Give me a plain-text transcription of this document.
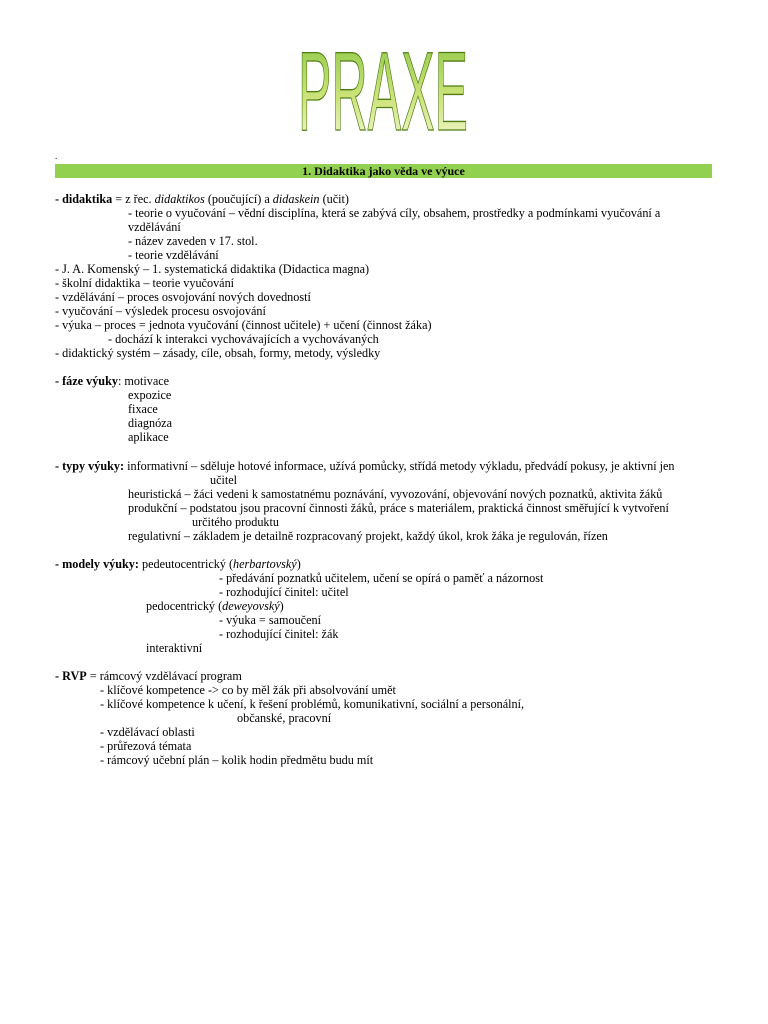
PRAXE
.
1. Didaktika jako věda ve výuce
- didaktika = z řec. didaktikos (poučující) a didaskein (učit)
- teorie o vyučování – vědní disciplína, která se zabývá cíly, obsahem, prostředky a podmínkami vyučování a
vzdělávání
- název zaveden v 17. stol.
- teorie vzdělávání
- J. A. Komenský – 1. systematická didaktika (Didactica magna)
- školní didaktika – teorie vyučování
- vzdělávání – proces osvojování nových dovedností
- vyučování – výsledek procesu osvojování
- výuka – proces = jednota vyučování (činnost učitele) + učení (činnost žáka)
- dochází k interakci vychovávajících a vychovávaných
- didaktický systém – zásady, cíle, obsah, formy, metody, výsledky
- fáze výuky: motivace
expozice
fixace
diagnóza
aplikace
- typy výuky: informativní – sděluje hotové informace, užívá pomůcky, střídá metody výkladu, předvádí pokusy, je aktivní jen
učitel
heuristická – žáci vedeni k samostatnému poznávání, vyvozování, objevování nových poznatků, aktivita žáků
produkční – podstatou jsou pracovní činnosti žáků, práce s materiálem, praktická činnost směřující k vytvoření
určitého produktu
regulativní – základem je detailně rozpracovaný projekt, každý úkol, krok žáka je regulován, řízen
- modely výuky: pedeutocentrický (herbartovský)
- předávání poznatků učitelem, učení se opírá o paměť a názornost
- rozhodující činitel: učitel
pedocentrický (deweyovský)
- výuka = samoučení
- rozhodující činitel: žák
interaktivní
- RVP = rámcový vzdělávací program
- klíčové kompetence -> co by měl žák při absolvování umět
- klíčové kompetence k učení, k řešení problémů, komunikativní, sociální a personální,
občanské, pracovní
- vzdělávací oblasti
- průřezová témata
- rámcový učební plán – kolik hodin předmětu budu mít
